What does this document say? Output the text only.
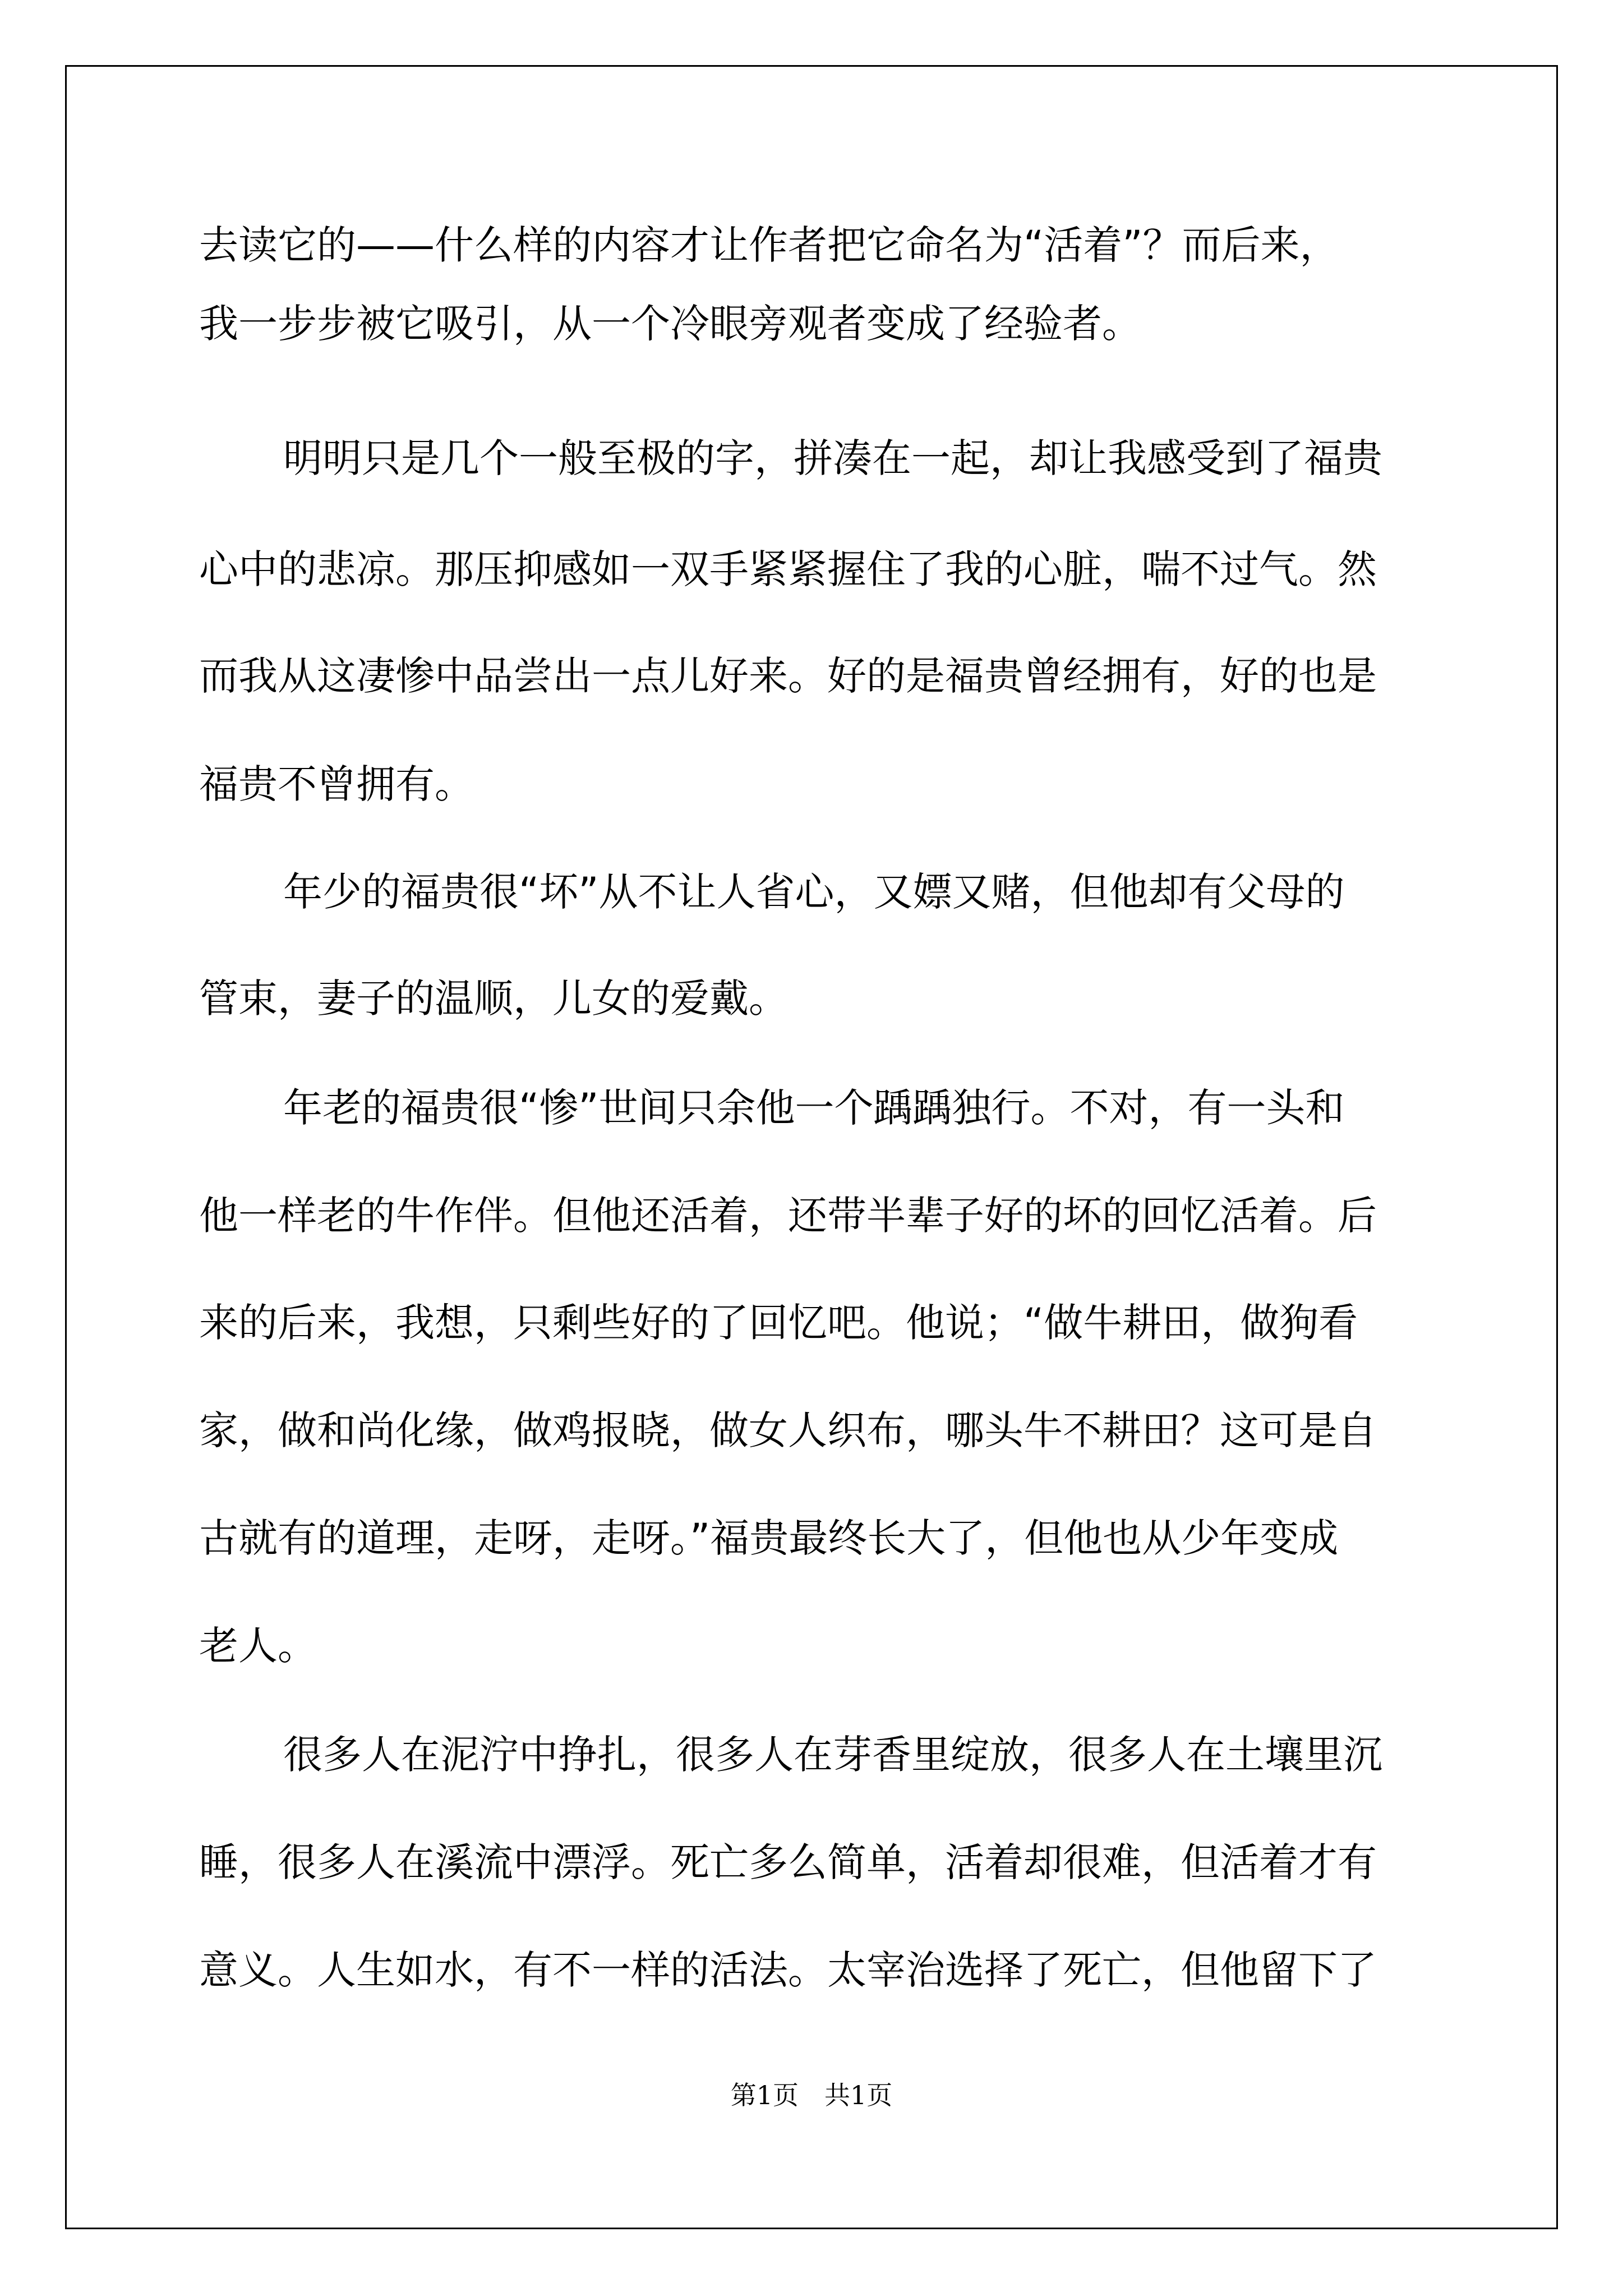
去读它的——什么样的内容才让作者把它命名为“活着”？而后来，
我一步步被它吸引，从一个冷眼旁观者变成了经验者。
明明只是几个一般至极的字，拼凑在一起，却让我感受到了福贵
心中的悲凉。那压抑感如一双手紧紧握住了我的心脏，喘不过气。然
而我从这凄惨中品尝出一点儿好来。好的是福贵曾经拥有，好的也是
福贵不曾拥有。
年少的福贵很“坏”从不让人省心，又嫖又赌，但他却有父母的
管束，妻子的温顺，儿女的爱戴。
年老的福贵很“惨”世间只余他一个踽踽独行。不对，有一头和
他一样老的牛作伴。但他还活着，还带半辈子好的坏的回忆活着。后
来的后来，我想，只剩些好的了回忆吧。他说；“做牛耕田，做狗看
家，做和尚化缘，做鸡报晓，做女人织布，哪头牛不耕田？这可是自
古就有的道理，走呀，走呀。”福贵最终长大了，但他也从少年变成
老人。
很多人在泥泞中挣扎，很多人在芽香里绽放，很多人在土壤里沉
睡，很多人在溪流中漂浮。死亡多么简单，活着却很难，但活着才有
意义。人生如水，有不一样的活法。太宰治选择了死亡，但他留下了
第1页　共1页
